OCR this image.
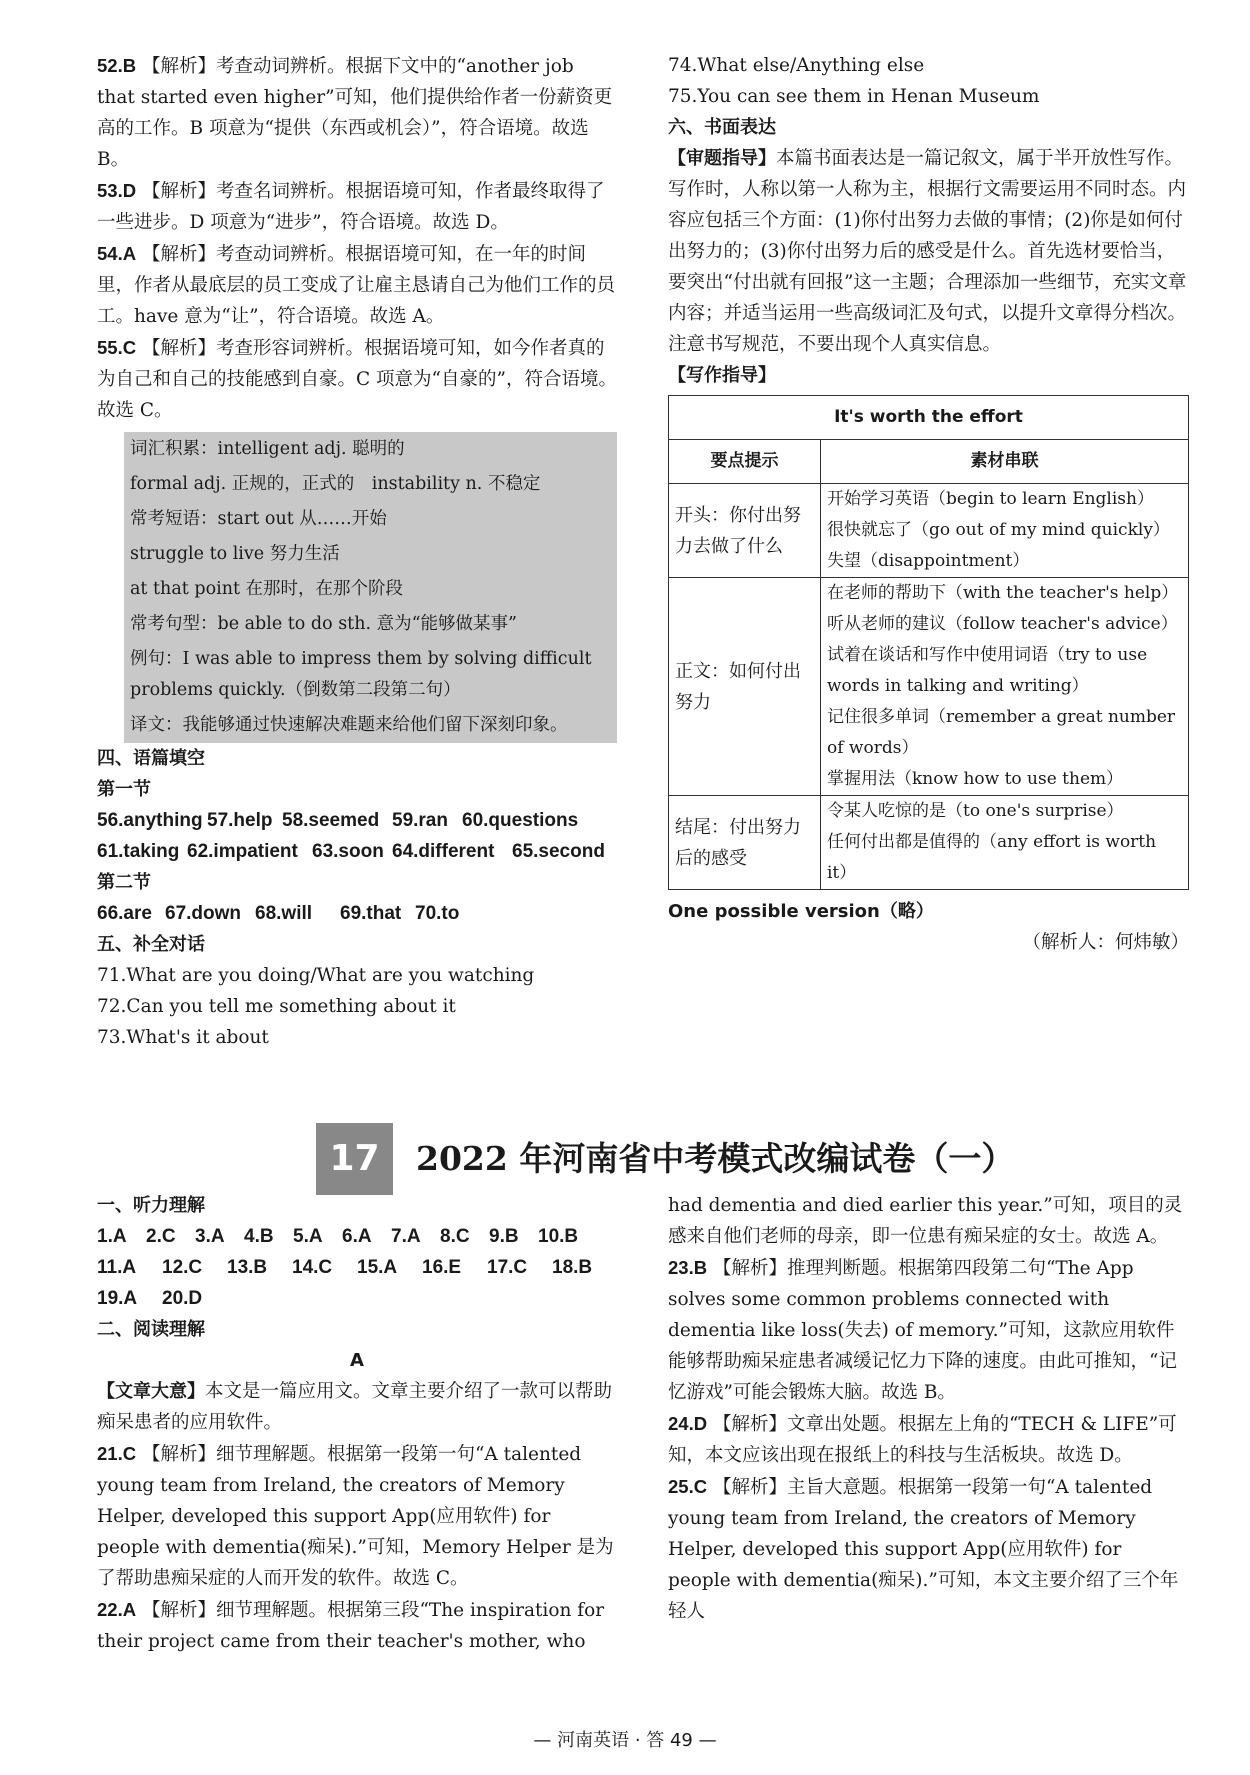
52.B 【解析】考查动词辨析。根据下文中的“another job that started even higher”可知，他们提供给作者一份薪资更高的工作。B 项意为“提供（东西或机会）”，符合语境。故选 B。

53.D 【解析】考查名词辨析。根据语境可知，作者最终取得了一些进步。D 项意为“进步”，符合语境。故选 D。

54.A 【解析】考查动词辨析。根据语境可知，在一年的时间里，作者从最底层的员工变成了让雇主恳请自己为他们工作的员工。have 意为“让”，符合语境。故选 A。

55.C 【解析】考查形容词辨析。根据语境可知，如今作者真的为自己和自己的技能感到自豪。C 项意为“自豪的”，符合语境。故选 C。

词汇积累：intelligent adj. 聪明的

formal adj. 正规的，正式的　instability n. 不稳定

常考短语：start out 从……开始

struggle to live 努力生活

at that point 在那时，在那个阶段

常考句型：be able to do sth. 意为“能够做某事”

例句：I was able to impress them by solving difficult problems quickly.（倒数第二段第二句）

译文：我能够通过快速解决难题来给他们留下深刻印象。

四、语篇填空

第一节

56.anything 57.help 58.seemed 59.ran 60.questions

61.taking 62.impatient 63.soon 64.different 65.second

第二节

66.are 67.down 68.will 69.that 70.to

五、补全对话

71.What are you doing/What are you watching

72.Can you tell me something about it

73.What's it about

74.What else/Anything else

75.You can see them in Henan Museum

六、书面表达

【审题指导】本篇书面表达是一篇记叙文，属于半开放性写作。写作时，人称以第一人称为主，根据行文需要运用不同时态。内容应包括三个方面：(1)你付出努力去做的事情；(2)你是如何付出努力的；(3)你付出努力后的感受是什么。首先选材要恰当，要突出“付出就有回报”这一主题；合理添加一些细节，充实文章内容；并适当运用一些高级词汇及句式，以提升文章得分档次。注意书写规范，不要出现个人真实信息。

【写作指导】

It's worth the effort	
要点提示	素材串联
开头：你付出努力去做了什么	开始学习英语（begin to learn English）
很快就忘了（go out of my mind quickly）
失望（disappointment）

正文：如何付出努力	在老师的帮助下（with the teacher's help）
听从老师的建议（follow teacher's advice）
试着在谈话和写作中使用词语（try to use words in talking and writing）
记住很多单词（remember a great number of words）
掌握用法（know how to use them）

结尾：付出努力后的感受	令某人吃惊的是（to one's surprise）
任何付出都是值得的（any effort is worth it）

One possible version（略）

（解析人：何炜敏）

17	2022 年河南省中考模式改编试卷（一）

一、听力理解

1.A 2.C 3.A 4.B 5.A 6.A 7.A 8.C 9.B 10.B

11.A 12.C 13.B 14.C 15.A 16.E 17.C 18.B

19.A 20.D

二、阅读理解

A

【文章大意】本文是一篇应用文。文章主要介绍了一款可以帮助痴呆患者的应用软件。

21.C 【解析】细节理解题。根据第一段第一句“A talented young team from Ireland, the creators of Memory Helper, developed this support App(应用软件) for people with dementia(痴呆).”可知，Memory Helper 是为了帮助患痴呆症的人而开发的软件。故选 C。

22.A 【解析】细节理解题。根据第三段“The inspiration for their project came from their teacher's mother, who

had dementia and died earlier this year.”可知，项目的灵感来自他们老师的母亲，即一位患有痴呆症的女士。故选 A。

23.B 【解析】推理判断题。根据第四段第二句“The App solves some common problems connected with dementia like loss(失去) of memory.”可知，这款应用软件能够帮助痴呆症患者减缓记忆力下降的速度。由此可推知，“记忆游戏”可能会锻炼大脑。故选 B。

24.D 【解析】文章出处题。根据左上角的“TECH & LIFE”可知，本文应该出现在报纸上的科技与生活板块。故选 D。

25.C 【解析】主旨大意题。根据第一段第一句“A talented young team from Ireland, the creators of Memory Helper, developed this support App(应用软件) for people with dementia(痴呆).”可知，本文主要介绍了三个年轻人

— 河南英语 · 答 49 —
